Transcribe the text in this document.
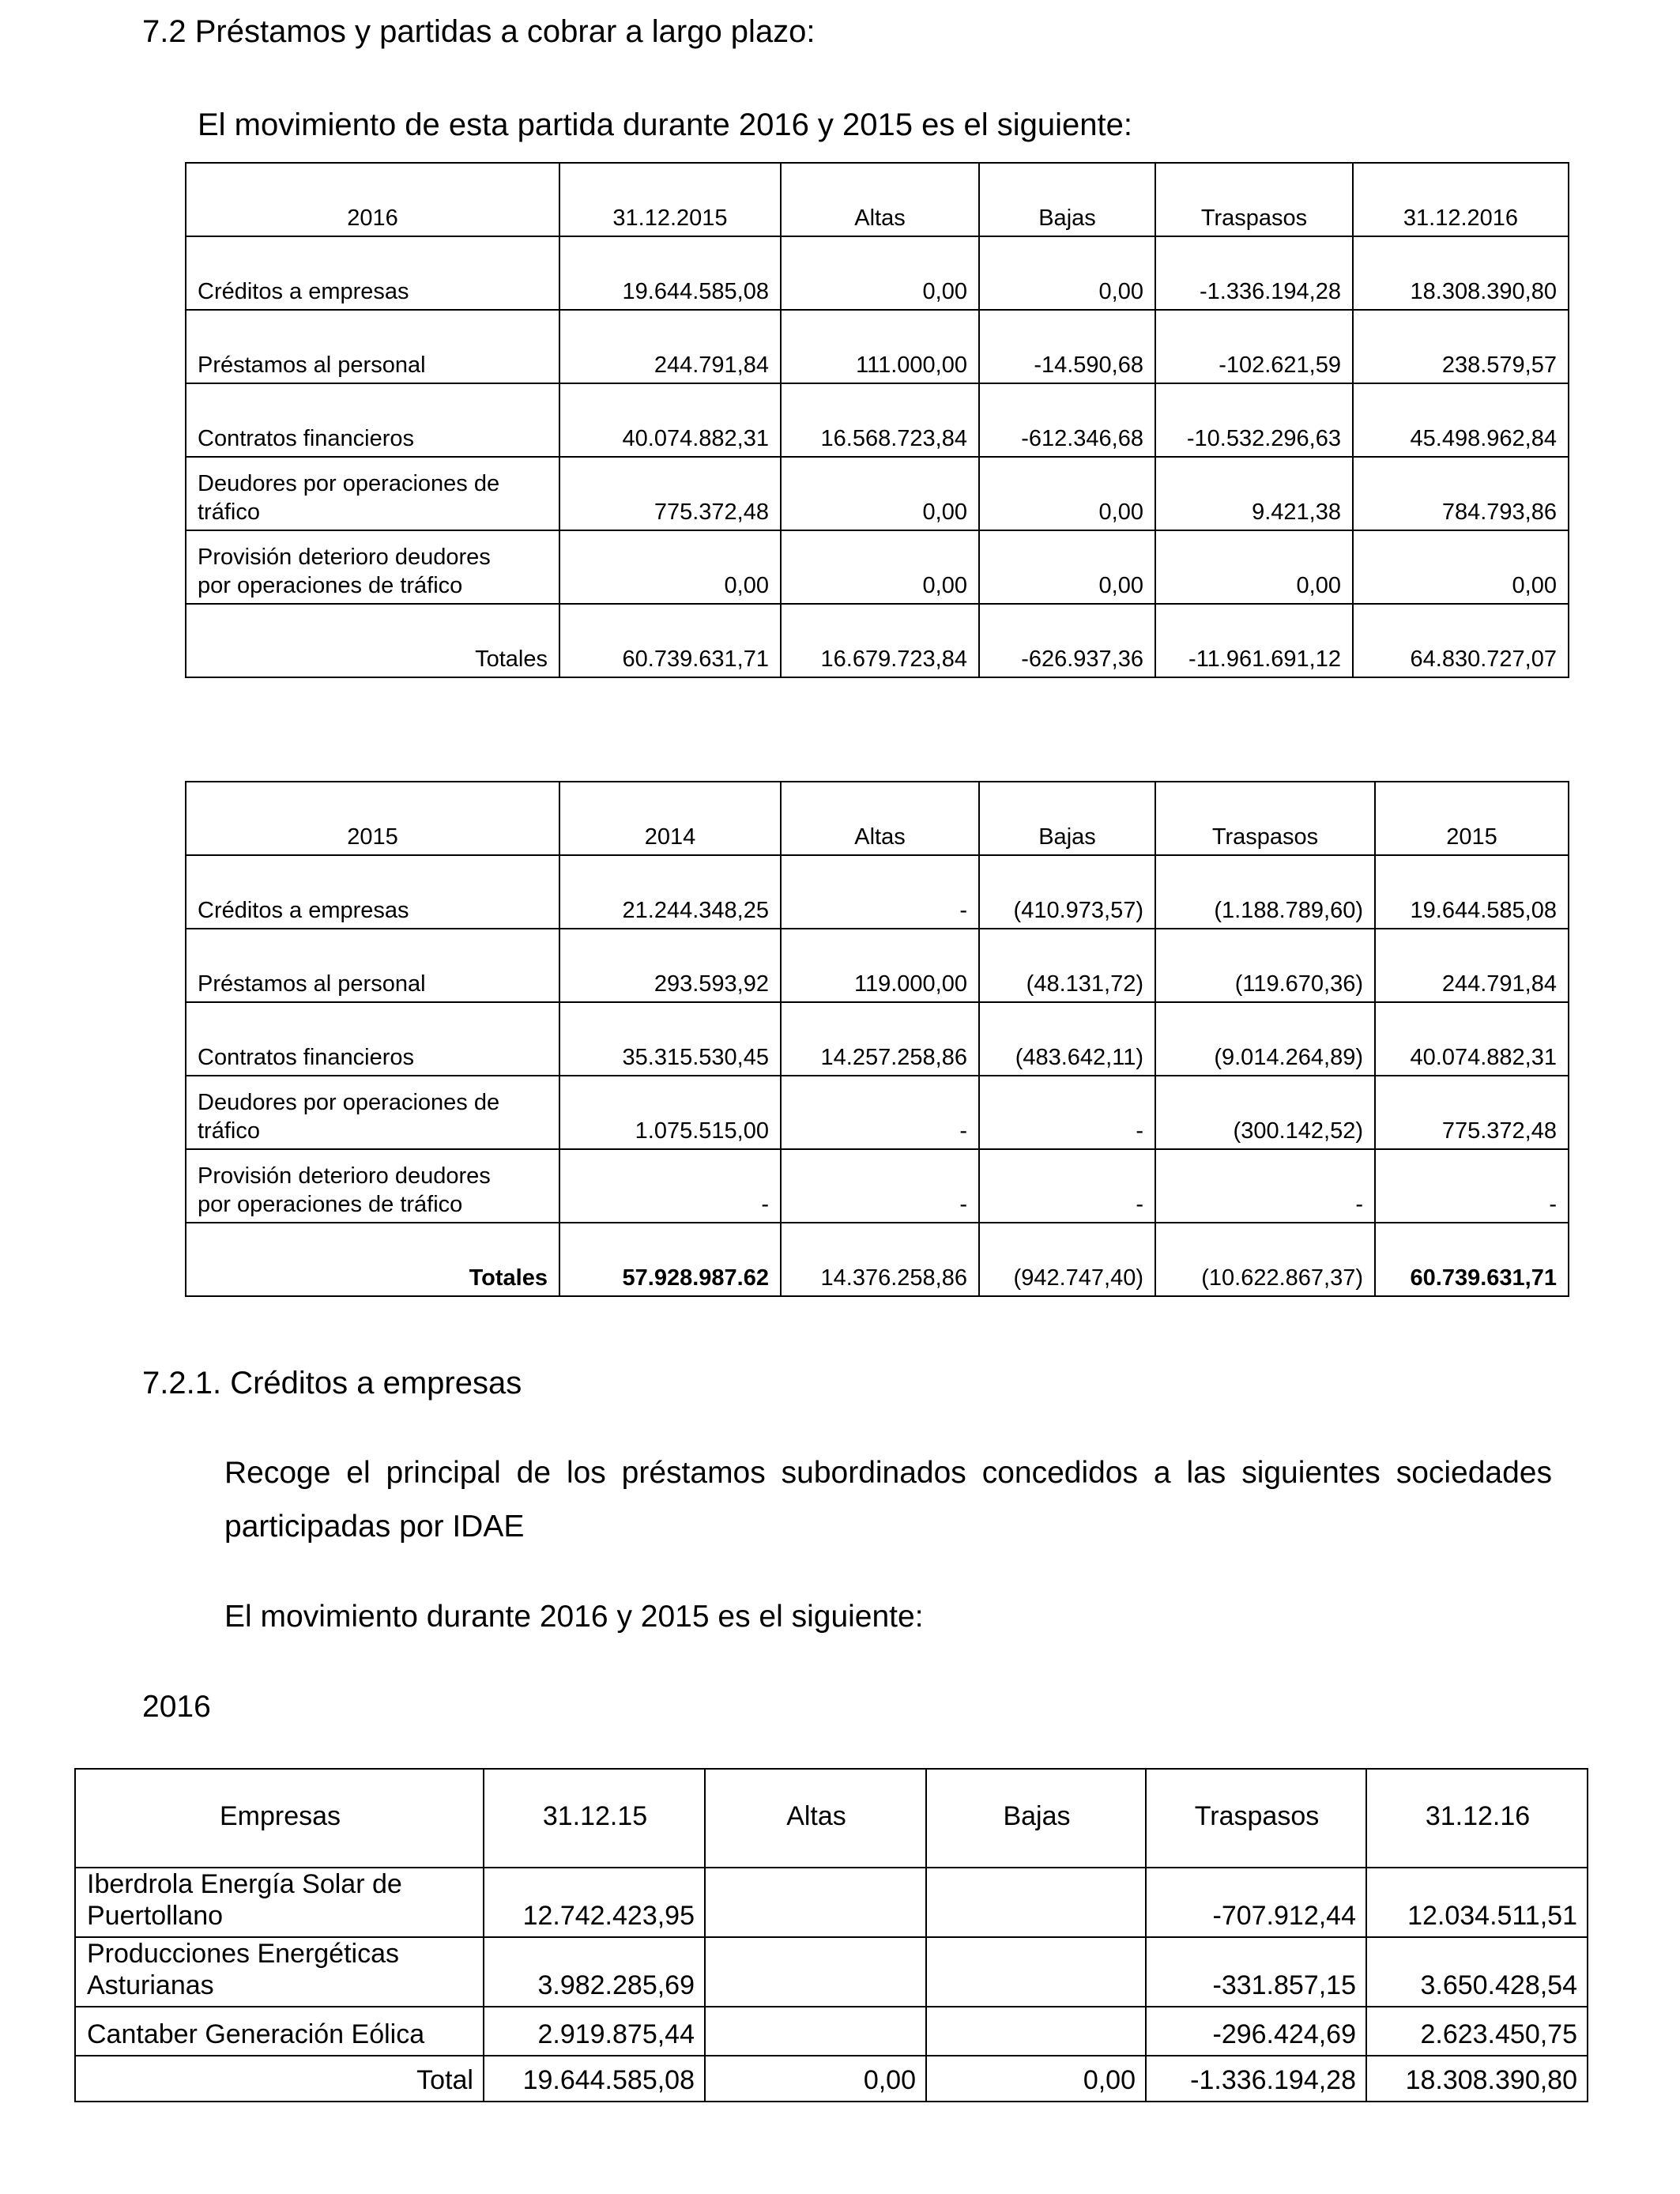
7.2 Préstamos y partidas a cobrar a largo plazo:

El movimiento de esta partida durante 2016 y 2015 es el siguiente:

2016	31.12.2015	Altas	Bajas	Traspasos	31.12.2016
Créditos a empresas	19.644.585,08	0,00	0,00	-1.336.194,28	18.308.390,80
Préstamos al personal	244.791,84	111.000,00	-14.590,68	-102.621,59	238.579,57
Contratos financieros	40.074.882,31	16.568.723,84	-612.346,68	-10.532.296,63	45.498.962,84

Deudores por operaciones de
tráfico	775.372,48	0,00	0,00	9.421,38	784.793,86

Provisión deterioro deudores
por operaciones de tráfico	0,00	0,00	0,00	0,00	0,00
Totales	60.739.631,71	16.679.723,84	-626.937,36	-11.961.691,12	64.830.727,07
2015	2014	Altas	Bajas	Traspasos	2015
Créditos a empresas	21.244.348,25	-	(410.973,57)	(1.188.789,60)	19.644.585,08
Préstamos al personal	293.593,92	119.000,00	(48.131,72)	(119.670,36)	244.791,84
Contratos financieros	35.315.530,45	14.257.258,86	(483.642,11)	(9.014.264,89)	40.074.882,31

Deudores por operaciones de
tráfico	1.075.515,00	-	-	(300.142,52)	775.372,48

Provisión deterioro deudores
por operaciones de tráfico	-	-	-	-	-
Totales	57.928.987.62	14.376.258,86	(942.747,40)	(10.622.867,37)	60.739.631,71

7.2.1. Créditos a empresas

Recoge el principal de los préstamos subordinados concedidos a las siguientes sociedades participadas por IDAE

El movimiento durante 2016 y 2015 es el siguiente:

2016

Empresas	31.12.15	Altas	Bajas	Traspasos	31.12.16

Iberdrola Energía Solar de
Puertollano	12.742.423,95			-707.912,44	12.034.511,51

Producciones Energéticas
Asturianas	3.982.285,69			-331.857,15	3.650.428,54
Cantaber Generación Eólica	2.919.875,44			-296.424,69	2.623.450,75
Total	19.644.585,08	0,00	0,00	-1.336.194,28	18.308.390,80
